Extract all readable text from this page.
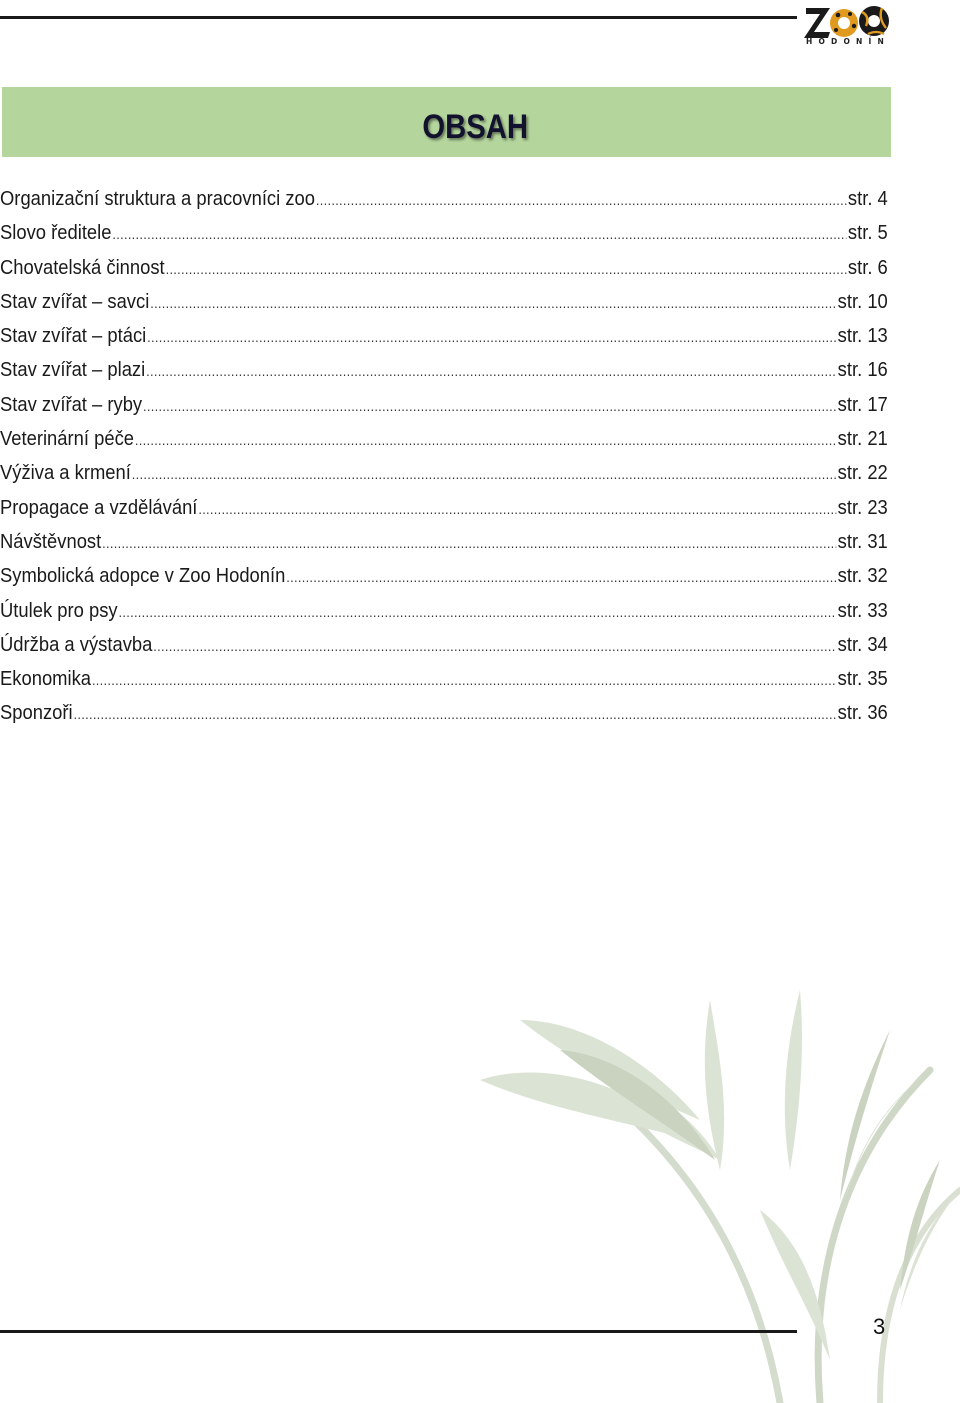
HODONÍN
OBSAH
Organizační struktura a pracovníci zoo .....	str. 4
Slovo ředitele .....	str. 5
Chovatelská činnost .....	str. 6
Stav zvířat – savci .....	str. 10
Stav zvířat – ptáci .....	str. 13
Stav zvířat – plazi .....	str. 16
Stav zvířat – ryby .....	str. 17
Veterinární péče .....	str. 21
Výživa a krmení .....	str. 22
Propagace a vzdělávání .....	str. 23
Návštěvnost .....	str. 31
Symbolická adopce v Zoo Hodonín .....	str. 32
Útulek pro psy .....	str. 33
Údržba a výstavba .....	str. 34
Ekonomika .....	str. 35
Sponzoři .....	str. 36
3
